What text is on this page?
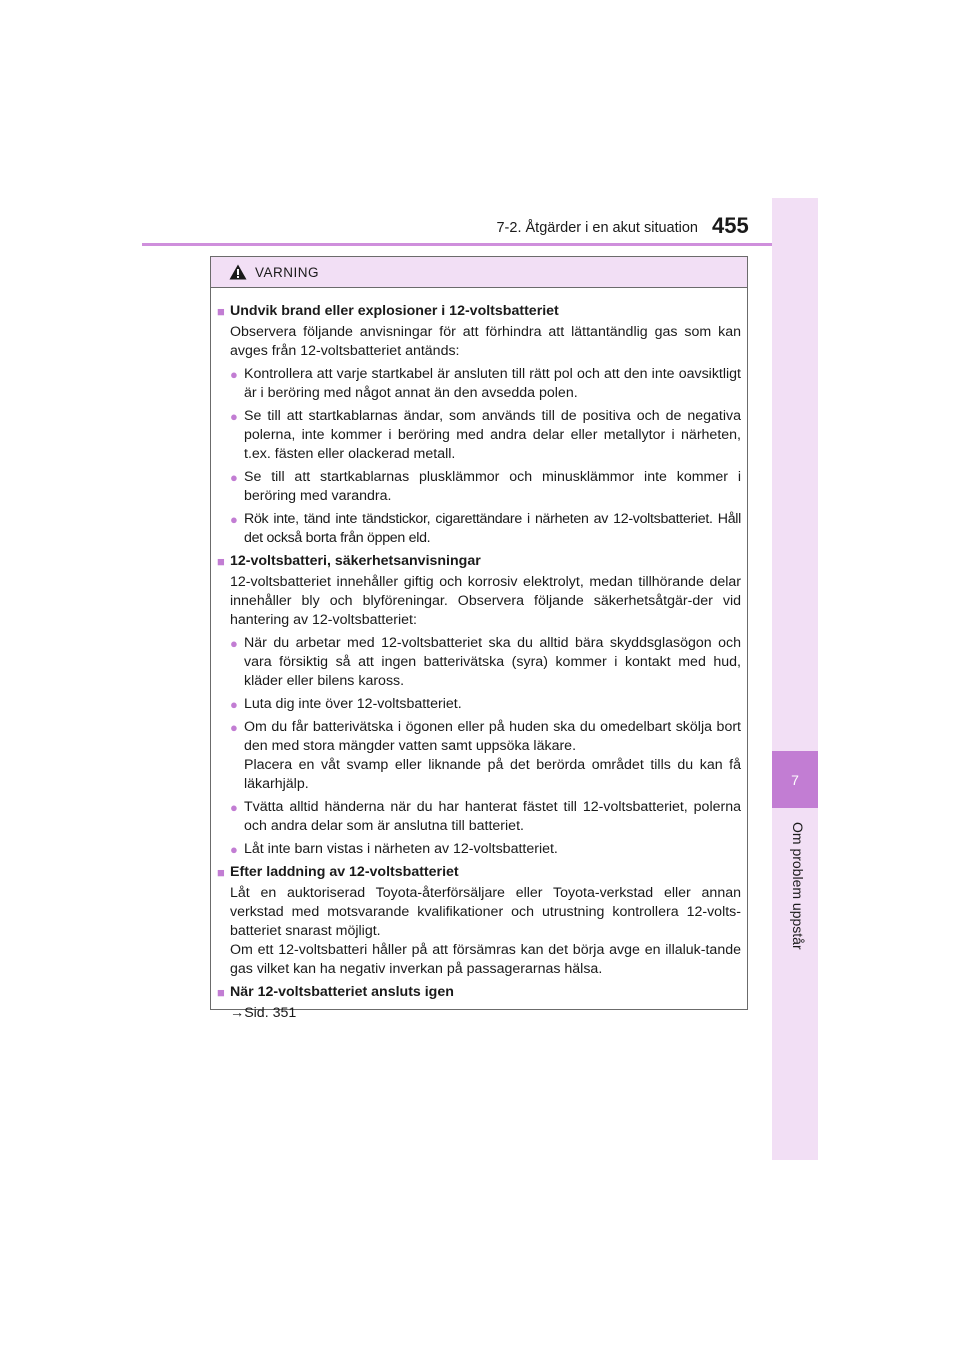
7-2. Åtgärder i en akut situation 455
7
Om problem uppstår
VARNING
■ Undvik brand eller explosioner i 12-voltsbatteriet
Observera följande anvisningar för att förhindra att lättantändlig gas som kan avges från 12-voltsbatteriet antänds:
● Kontrollera att varje startkabel är ansluten till rätt pol och att den inte oavsiktligt är i beröring med något annat än den avsedda polen.
● Se till att startkablarnas ändar, som används till de positiva och de negativa polerna, inte kommer i beröring med andra delar eller metallytor i närheten, t.ex. fästen eller olackerad metall.
● Se till att startkablarnas plusklämmor och minusklämmor inte kommer i beröring med varandra.
● Rök inte, tänd inte tändstickor, cigarettändare i närheten av 12-voltsbatteriet. Håll det också borta från öppen eld.
■ 12-voltsbatteri, säkerhetsanvisningar
12-voltsbatteriet innehåller giftig och korrosiv elektrolyt, medan tillhörande delar innehåller bly och blyföreningar. Observera följande säkerhetsåtgär-der vid hantering av 12-voltsbatteriet:
● När du arbetar med 12-voltsbatteriet ska du alltid bära skyddsglasögon och vara försiktig så att ingen batterivätska (syra) kommer i kontakt med hud, kläder eller bilens kaross.
● Luta dig inte över 12-voltsbatteriet.
● Om du får batterivätska i ögonen eller på huden ska du omedelbart skölja bort den med stora mängder vatten samt uppsöka läkare.
Placera en våt svamp eller liknande på det berörda området tills du kan få läkarhjälp.
● Tvätta alltid händerna när du har hanterat fästet till 12-voltsbatteriet, polerna och andra delar som är anslutna till batteriet.
● Låt inte barn vistas i närheten av 12-voltsbatteriet.
■ Efter laddning av 12-voltsbatteriet
Låt en auktoriserad Toyota-återförsäljare eller Toyota-verkstad eller annan verkstad med motsvarande kvalifikationer och utrustning kontrollera 12-volts-batteriet snarast möjligt.
Om ett 12-voltsbatteri håller på att försämras kan det börja avge en illaluk-tande gas vilket kan ha negativ inverkan på passagerarnas hälsa.
■ När 12-voltsbatteriet ansluts igen
→Sid. 351
